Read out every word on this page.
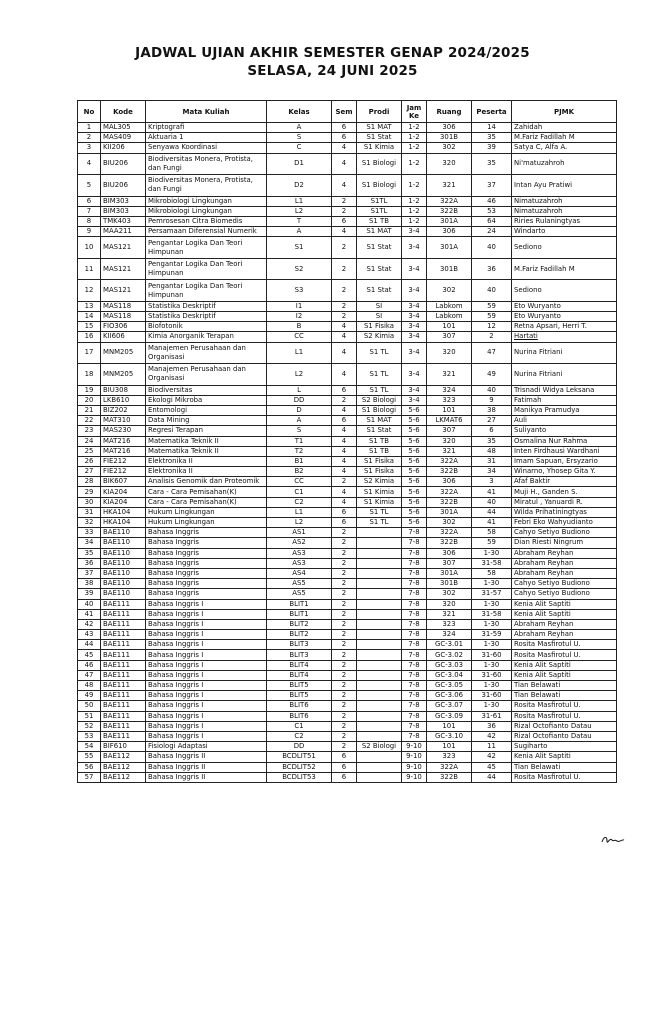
JADWAL UJIAN AKHIR SEMESTER GENAP 2024/2025
SELASA, 24 JUNI 2025
No	Kode	Mata Kuliah	Kelas	Sem	Prodi	Jam Ke	Ruang	Peserta	PJMK
1	MAL305	Kriptografi	A	6	S1 MAT	1-2	306	14	Zahidah
2	MAS409	Aktuaria 1	S	6	S1 Stat	1-2	301B	35	M.Fariz Fadillah M
3	KII206	Senyawa Koordinasi	C	4	S1 Kimia	1-2	302	39	Satya C, Alfa A.
4	BIU206	Biodiversitas Monera, Protista, dan Fungi	D1	4	S1 Biologi	1-2	320	35	Ni'matuzahroh
5	BIU206	Biodiversitas Monera, Protista, dan Fungi	D2	4	S1 Biologi	1-2	321	37	Intan Ayu Pratiwi
6	BIM303	Mikrobiologi Lingkungan	L1	2	S1TL	1-2	322A	46	Nimatuzahroh
7	BIM303	Mikrobiologi Lingkungan	L2	2	S1TL	1-2	322B	53	Nimatuzahroh
8	TMK403	Pemrosesan Citra Biomedis	T	6	S1 TB	1-2	301A	64	Riries Rulaningtyas
9	MAA211	Persamaan Diferensial Numerik	A	4	S1 MAT	3-4	306	24	Windarto
10	MAS121	Pengantar Logika Dan Teori Himpunan	S1	2	S1 Stat	3-4	301A	40	Sediono
11	MAS121	Pengantar Logika Dan Teori Himpunan	S2	2	S1 Stat	3-4	301B	36	M.Fariz Fadillah M
12	MAS121	Pengantar Logika Dan Teori Himpunan	S3	2	S1 Stat	3-4	302	40	Sediono
13	MAS118	Statistika Deskriptif	I1	2	SI	3-4	Labkom	59	Eto Wuryanto
14	MAS118	Statistika Deskriptif	I2	2	SI	3-4	Labkom	59	Eto Wuryanto
15	FIO306	Biofotonik	B	4	S1 Fisika	3-4	101	12	Retna Apsari, Herri T.
16	KII606	Kimia Anorganik Terapan	CC	4	S2 Kimia	3-4	307	2	Hartati
17	MNM205	Manajemen Perusahaan dan Organisasi	L1	4	S1 TL	3-4	320	47	Nurina Fitriani
18	MNM205	Manajemen Perusahaan dan Organisasi	L2	4	S1 TL	3-4	321	49	Nurina Fitriani
19	BIU308	Biodiversitas	L	6	S1 TL	3-4	324	40	Trisnadi Widya Leksana
20	LKB610	Ekologi Mikroba	DD	2	S2 Biologi	3-4	323	9	Fatimah
21	BIZ202	Entomologi	D	4	S1 Biologi	5-6	101	38	Manikya Pramudya
22	MAT310	Data Mining	A	6	S1 MAT	5-6	LKMAT6	27	Auli
23	MAS230	Regresi Terapan	S	4	S1 Stat	5-6	307	6	Suliyanto
24	MAT216	Matematika Teknik II	T1	4	S1 TB	5-6	320	35	Osmalina Nur Rahma
25	MAT216	Matematika Teknik II	T2	4	S1 TB	5-6	321	48	Inten Firdhausi Wardhani
26	FIE212	Elektronika II	B1	4	S1 Fisika	5-6	322A	31	Imam Sapuan, Ersyzario
27	FIE212	Elektronika II	B2	4	S1 Fisika	5-6	322B	34	Winarno, Yhosep Gita Y.
28	BIK607	Analisis Genomik dan Proteomik	CC	2	S2 Kimia	5-6	306	3	Afaf Baktir
29	KIA204	Cara - Cara Pemisahan(K)	C1	4	S1 Kimia	5-6	322A	41	Muji H., Ganden S.
30	KIA204	Cara - Cara Pemisahan(K)	C2	4	S1 Kimia	5-6	322B	40	Miratul , Yanuardi R.
31	HKA104	Hukum Lingkungan	L1	6	S1 TL	5-6	301A	44	Wilda Prihatiningtyas
32	HKA104	Hukum Lingkungan	L2	6	S1 TL	5-6	302	41	Febri Eko Wahyudianto
33	BAE110	Bahasa Inggris	AS1	2		7-8	322A	58	Cahyo Setiyo Budiono
34	BAE110	Bahasa Inggris	AS2	2		7-8	322B	59	Dian Riesti Ningrum
35	BAE110	Bahasa Inggris	AS3	2		7-8	306	1-30	Abraham Reyhan
36	BAE110	Bahasa Inggris	AS3	2		7-8	307	31-58	Abraham Reyhan
37	BAE110	Bahasa Inggris	AS4	2		7-8	301A	58	Abraham Reyhan
38	BAE110	Bahasa Inggris	AS5	2		7-8	301B	1-30	Cahyo Setiyo Budiono
39	BAE110	Bahasa Inggris	AS5	2		7-8	302	31-57	Cahyo Setiyo Budiono
40	BAE111	Bahasa Inggris I	BLIT1	2		7-8	320	1-30	Kenia Alit Saptiti
41	BAE111	Bahasa Inggris I	BLIT1	2		7-8	321	31-58	Kenia Alit Saptiti
42	BAE111	Bahasa Inggris I	BLIT2	2		7-8	323	1-30	Abraham Reyhan
43	BAE111	Bahasa Inggris I	BLIT2	2		7-8	324	31-59	Abraham Reyhan
44	BAE111	Bahasa Inggris I	BLIT3	2		7-8	GC-3.01	1-30	Rosita Masfirotul U.
45	BAE111	Bahasa Inggris I	BLIT3	2		7-8	GC-3.02	31-60	Rosita Masfirotul U.
46	BAE111	Bahasa Inggris I	BLIT4	2		7-8	GC-3.03	1-30	Kenia Alit Saptiti
47	BAE111	Bahasa Inggris I	BLIT4	2		7-8	GC-3.04	31-60	Kenia Alit Saptiti
48	BAE111	Bahasa Inggris I	BLIT5	2		7-8	GC-3.05	1-30	Tian Belawati
49	BAE111	Bahasa Inggris I	BLIT5	2		7-8	GC-3.06	31-60	Tian Belawati
50	BAE111	Bahasa Inggris I	BLIT6	2		7-8	GC-3.07	1-30	Rosita Masfirotul U.
51	BAE111	Bahasa Inggris I	BLIT6	2		7-8	GC-3.09	31-61	Rosita Masfirotul U.
52	BAE111	Bahasa Inggris I	C1	2		7-8	101	36	Rizal Octofianto Datau
53	BAE111	Bahasa Inggris I	C2	2		7-8	GC-3.10	42	Rizal Octofianto Datau
54	BIF610	Fisiologi Adaptasi	DD	2	S2 Biologi	9-10	101	11	Sugiharto
55	BAE112	Bahasa Inggris II	BCDLIT51	6		9-10	323	42	Kenia Alit Saptiti
56	BAE112	Bahasa Inggris II	BCDLIT52	6		9-10	322A	45	Tian Belawati
57	BAE112	Bahasa Inggris II	BCDLIT53	6		9-10	322B	44	Rosita Masfirotul U.
